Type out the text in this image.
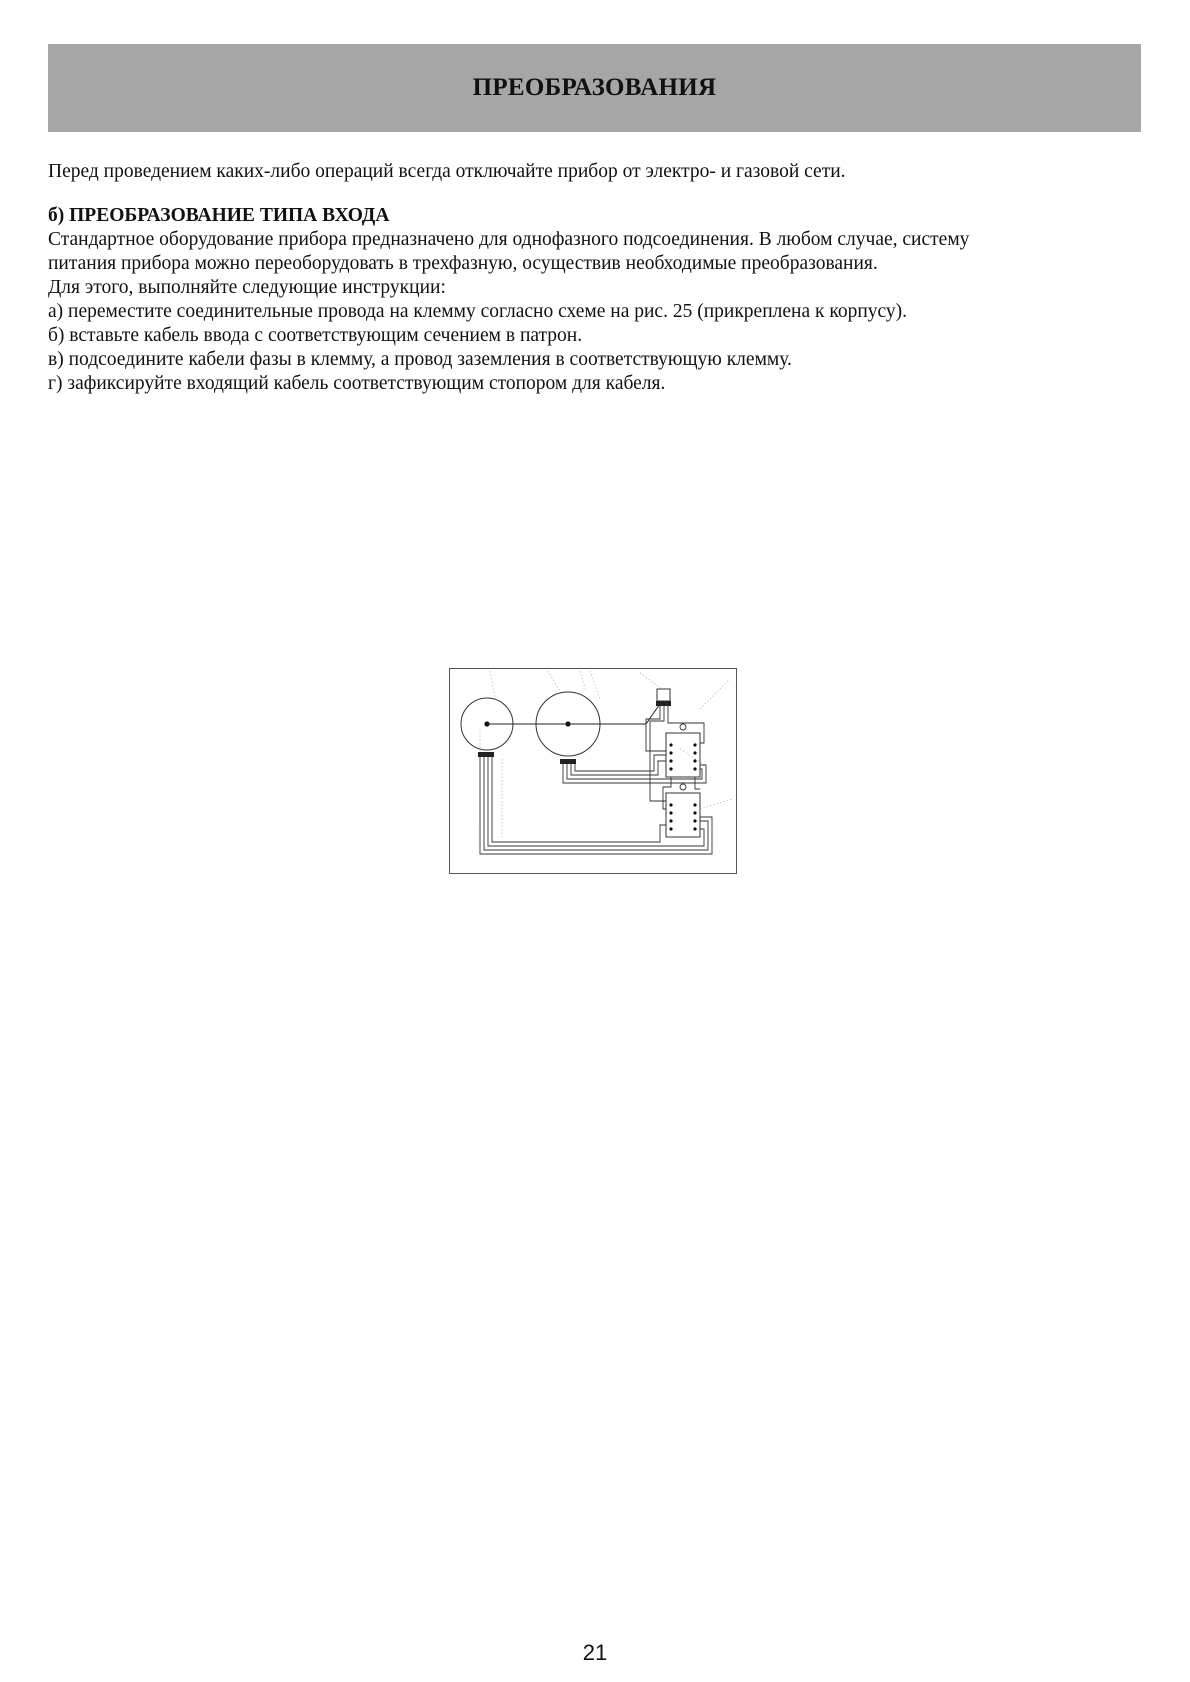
ПРЕОБРАЗОВАНИЯ

Перед проведением каких-либо операций всегда отключайте прибор от электро- и газовой сети.

б) ПРЕОБРАЗОВАНИЕ ТИПА ВХОДА

Стандартное оборудование прибора предназначено для однофазного подсоединения. В любом случае, систему

питания прибора можно переоборудовать в трехфазную, осуществив необходимые преобразования.

Для этого, выполняйте следующие инструкции:

а) переместите соединительные провода на клемму согласно схеме на рис. 25 (прикреплена к корпусу).
б) вставьте кабель ввода с соответствующим сечением в патрон.
в) подсоедините кабели фазы в клемму, а провод заземления в соответствующую клемму.
г) зафиксируйте входящий кабель соответствующим стопором для кабеля.
21
